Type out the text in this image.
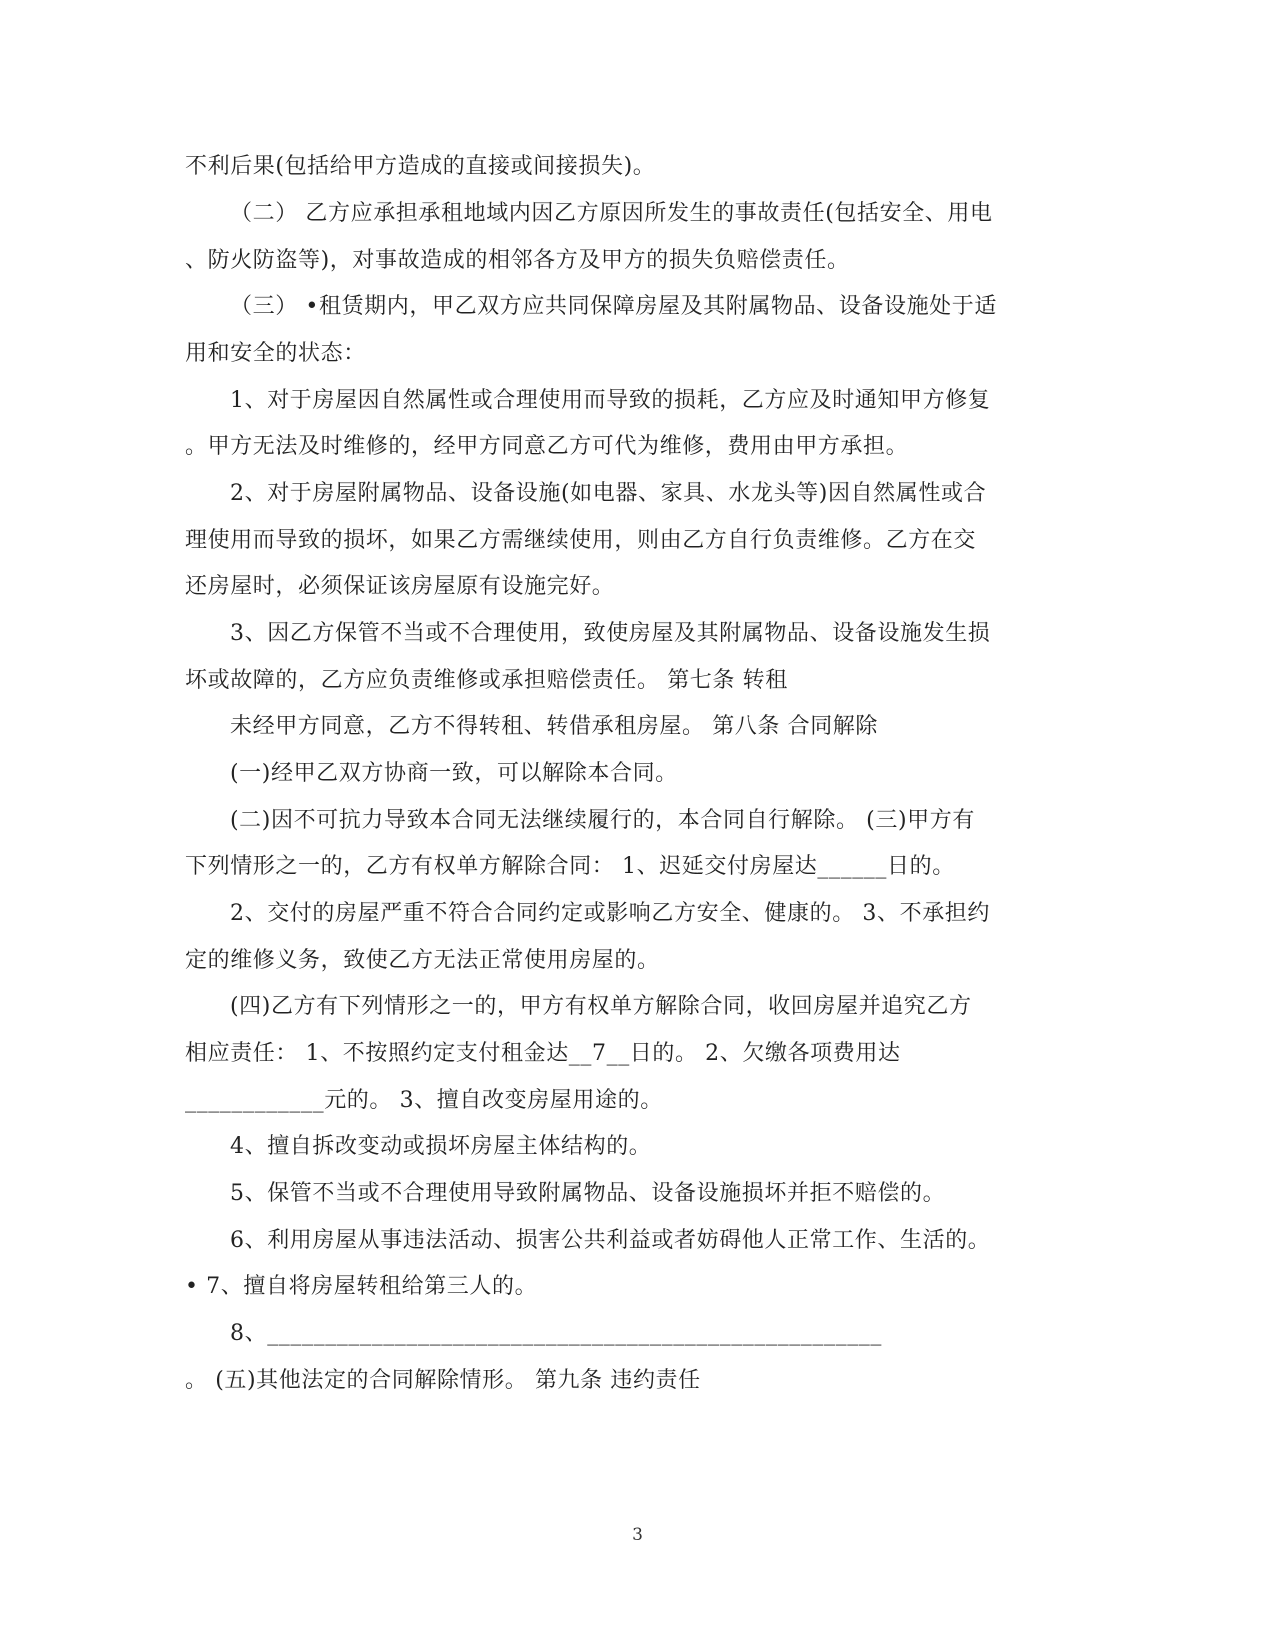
不利后果(包括给甲方造成的直接或间接损失)。
（二） 乙方应承担承租地域内因乙方原因所发生的事故责任(包括安全、用电
、防火防盗等)，对事故造成的相邻各方及甲方的损失负赔偿责任。
（三） •租赁期内，甲乙双方应共同保障房屋及其附属物品、设备设施处于适
用和安全的状态：
1、对于房屋因自然属性或合理使用而导致的损耗，乙方应及时通知甲方修复
。甲方无法及时维修的，经甲方同意乙方可代为维修，费用由甲方承担。
2、对于房屋附属物品、设备设施(如电器、家具、水龙头等)因自然属性或合
理使用而导致的损坏，如果乙方需继续使用，则由乙方自行负责维修。乙方在交
还房屋时，必须保证该房屋原有设施完好。
3、因乙方保管不当或不合理使用，致使房屋及其附属物品、设备设施发生损
坏或故障的，乙方应负责维修或承担赔偿责任。 第七条 转租
未经甲方同意，乙方不得转租、转借承租房屋。 第八条 合同解除
(一)经甲乙双方协商一致，可以解除本合同。
(二)因不可抗力导致本合同无法继续履行的，本合同自行解除。 (三)甲方有
下列情形之一的，乙方有权单方解除合同： 1、迟延交付房屋达______日的。
2、交付的房屋严重不符合合同约定或影响乙方安全、健康的。 3、不承担约
定的维修义务，致使乙方无法正常使用房屋的。
(四)乙方有下列情形之一的，甲方有权单方解除合同，收回房屋并追究乙方
相应责任： 1、不按照约定支付租金达__7__日的。 2、欠缴各项费用达
____________元的。 3、擅自改变房屋用途的。
4、擅自拆改变动或损坏房屋主体结构的。
5、保管不当或不合理使用导致附属物品、设备设施损坏并拒不赔偿的。
6、利用房屋从事违法活动、损害公共利益或者妨碍他人正常工作、生活的。
• 7、擅自将房屋转租给第三人的。
8、_____________________________________________________
。 (五)其他法定的合同解除情形。 第九条 违约责任
3
